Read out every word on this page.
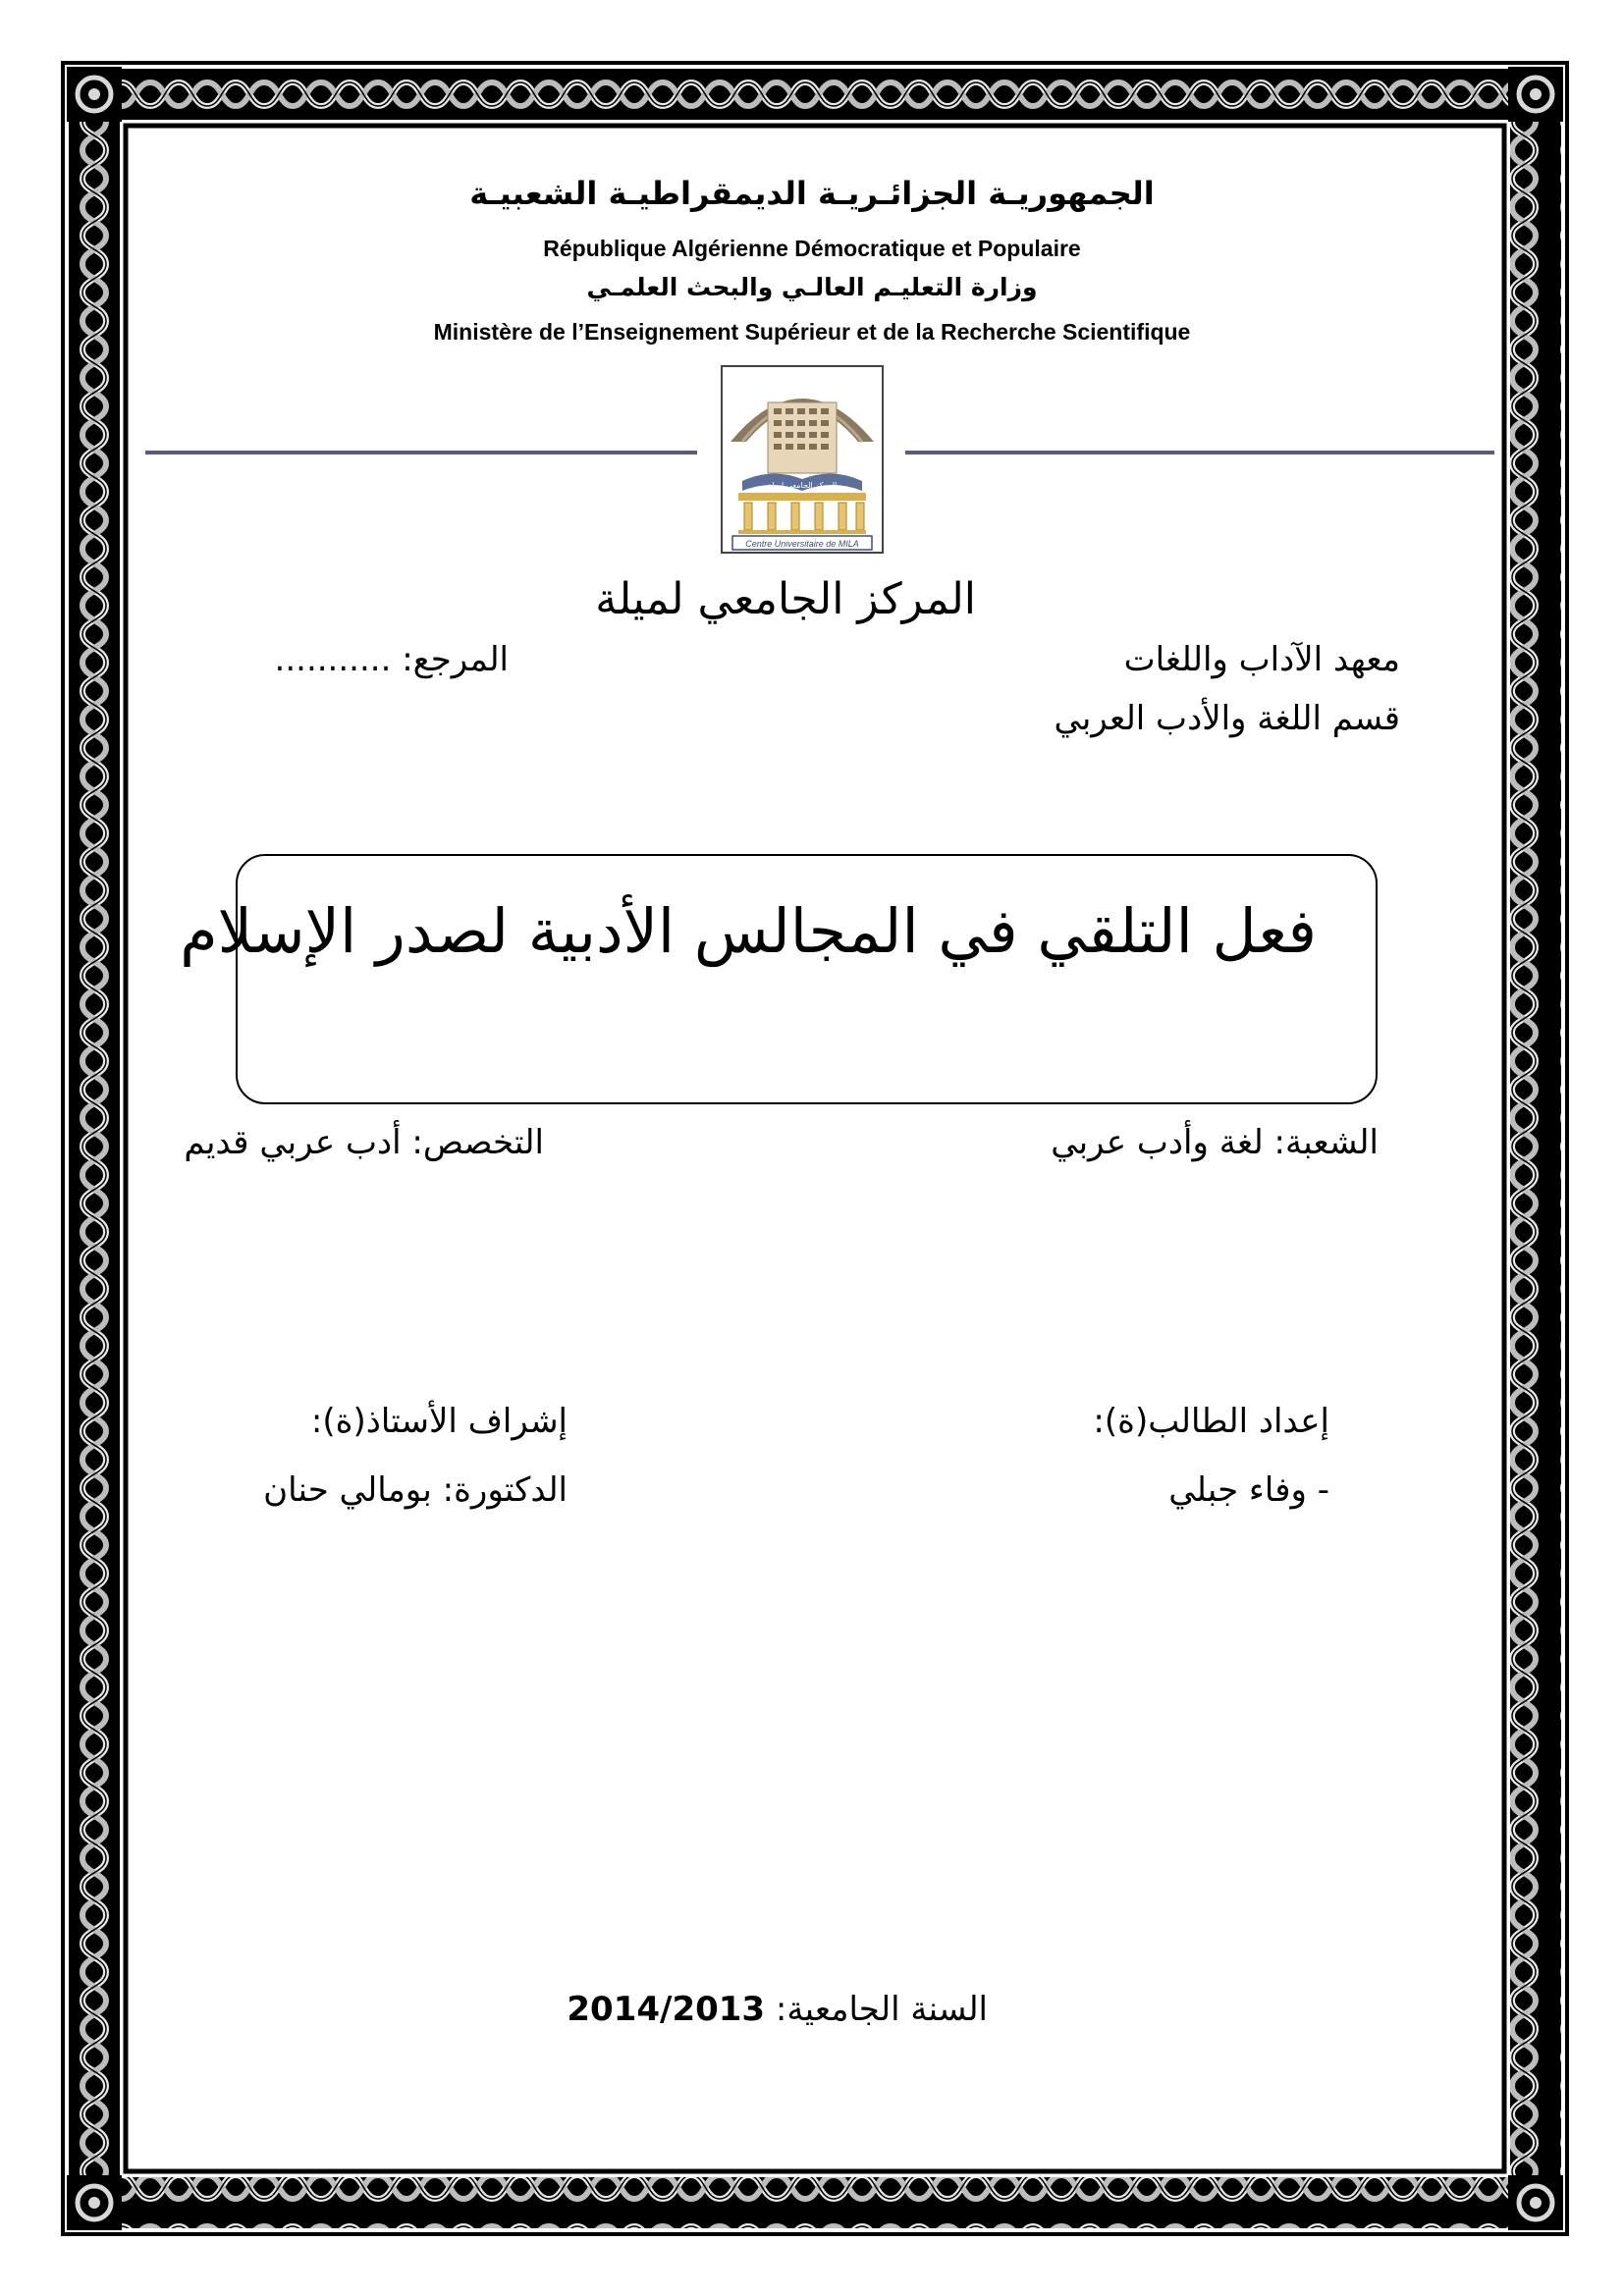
الجمهوريـة الجزائـريـة الديمقراطيـة الشعبيـة
République Algérienne Démocratique et Populaire
وزارة التعليـم العالـي والبحث العلمـي
Ministère de l’Enseignement Supérieur et de la Recherche Scientifique
المركز الجامعي لميلة
Centre Universitaire de MILA
المركز الجامعي لميلة
معهد الآداب واللغات
المرجع: ...........
قسم اللغة والأدب العربي
فعل التلقي في المجالس الأدبية لصدر الإسلام
الشعبة: لغة وأدب عربي
التخصص: أدب عربي قديم
إعداد الطالب(ة):
إشراف الأستاذ(ة):
- وفاء جبلي
الدكتورة: بومالي حنان
السنة الجامعية: 2014/2013
